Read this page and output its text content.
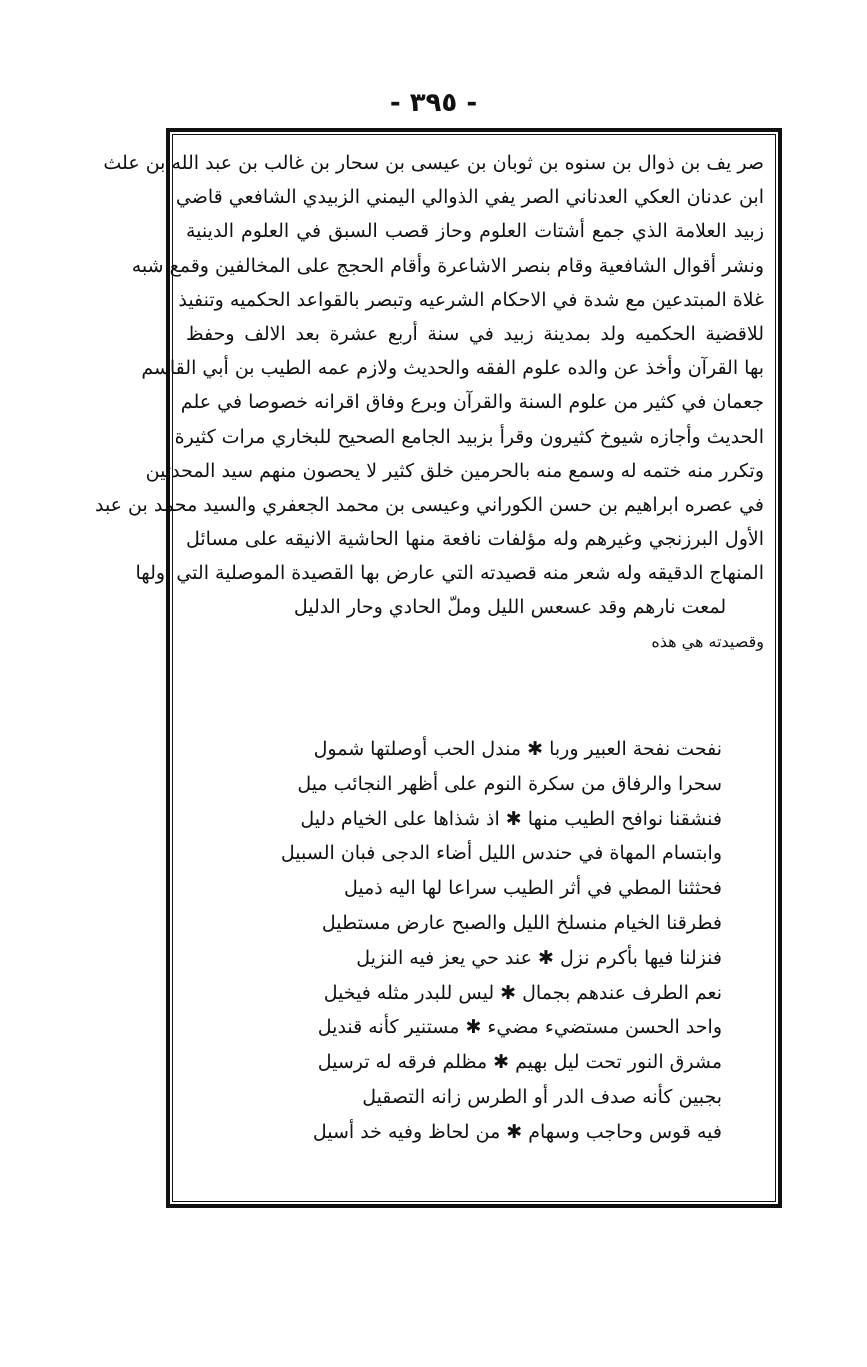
- ٣٩٥ -
صر يف بن ذوال بن سنوه بن ثوبان بن عيسى بن سحار بن غالب بن عبد الله بن علث
ابن عدنان العكي العدناني الصر يفي الذوالي اليمني الزبيدي الشافعي قاضي
زبيد العلامة الذي جمع أشتات العلوم وحاز قصب السبق في العلوم الدينية
ونشر أقوال الشافعية وقام بنصر الاشاعرة وأقام الحجج على المخالفين وقمع شبه
غلاة المبتدعين مع شدة في الاحكام الشرعيه وتبصر بالقواعد الحكميه وتنفيذ
للاقضية الحكميه ولد بمدينة زبيد في سنة أربع عشرة بعد الالف وحفظ
بها القرآن وأخذ عن والده علوم الفقه والحديث ولازم عمه الطيب بن أبي القاسم
جعمان في كثير من علوم السنة والقرآن وبرع وفاق اقرانه خصوصا في علم
الحديث وأجازه شيوخ كثيرون وقرأ بزبيد الجامع الصحيح للبخاري مرات كثيرة
وتكرر منه ختمه له وسمع منه بالحرمين خلق كثير لا يحصون منهم سيد المحدثين
في عصره ابراهيم بن حسن الكوراني وعيسى بن محمد الجعفري والسيد محمد بن عبد
الأول البرزنجي وغيرهم وله مؤلفات نافعة منها الحاشية الانيقه على مسائل
المنهاج الدقيقه وله شعر منه قصيدته التي عارض بها القصيدة الموصلية التي أولها
لمعت نارهم وقد عسعس الليل وملّ الحادي وحار الدليل
وقصيدته هي هذه
نفحت نفحة العبير وربا ✱ مندل الحب أوصلتها شمول
سحرا والرفاق من سكرة النوم على أظهر النجائب ميل
فنشقنا نوافح الطيب منها ✱ اذ شذاها على الخيام دليل
وابتسام المهاة في حندس الليل أضاء الدجى فبان السبيل
فحثثنا المطي في أثر الطيب سراعا لها اليه ذميل
فطرقنا الخيام منسلخ الليل والصبح عارض مستطيل
فنزلنا فيها بأكرم نزل ✱ عند حي يعز فيه النزيل
نعم الطرف عندهم بجمال ✱ ليس للبدر مثله فيخيل
واحد الحسن مستضيء مضيء ✱ مستنير كأنه قنديل
مشرق النور تحت ليل بهيم ✱ مظلم فرقه له ترسيل
بجبين كأنه صدف الدر أو الطرس زانه التصقيل
فيه قوس وحاجب وسهام ✱ من لحاظ وفيه خد أسيل
